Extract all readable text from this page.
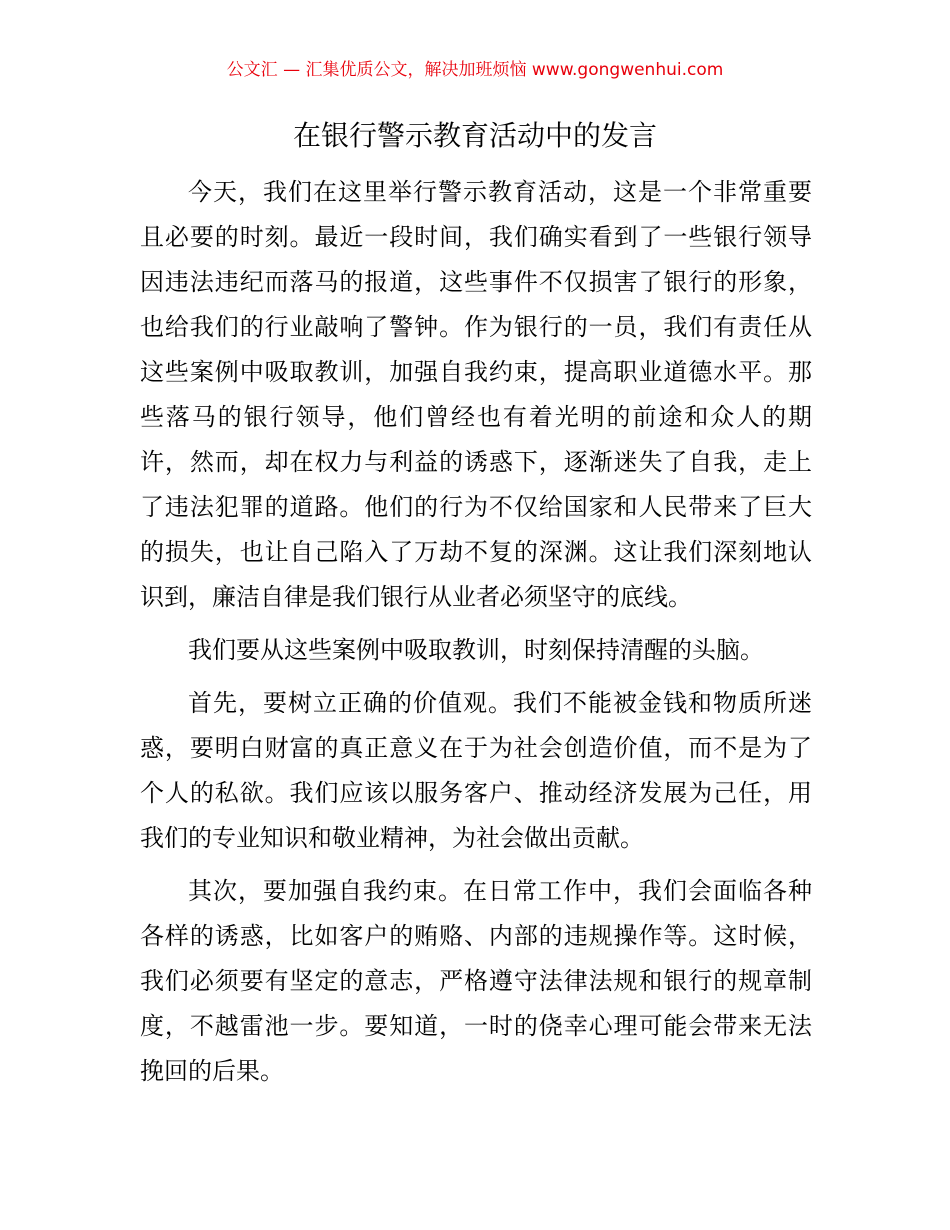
公文汇 — 汇集优质公文，解决加班烦恼 www.gongwenhui.com
在银行警示教育活动中的发言
今天，我们在这里举行警示教育活动，这是一个非常重要
且必要的时刻。最近一段时间，我们确实看到了一些银行领导
因违法违纪而落马的报道，这些事件不仅损害了银行的形象，
也给我们的行业敲响了警钟。作为银行的一员，我们有责任从
这些案例中吸取教训，加强自我约束，提高职业道德水平。那
些落马的银行领导，他们曾经也有着光明的前途和众人的期
许，然而，却在权力与利益的诱惑下，逐渐迷失了自我，走上
了违法犯罪的道路。他们的行为不仅给国家和人民带来了巨大
的损失，也让自己陷入了万劫不复的深渊。这让我们深刻地认
识到，廉洁自律是我们银行从业者必须坚守的底线。
我们要从这些案例中吸取教训，时刻保持清醒的头脑。
首先，要树立正确的价值观。我们不能被金钱和物质所迷
惑，要明白财富的真正意义在于为社会创造价值，而不是为了
个人的私欲。我们应该以服务客户、推动经济发展为己任，用
我们的专业知识和敬业精神，为社会做出贡献。
其次，要加强自我约束。在日常工作中，我们会面临各种
各样的诱惑，比如客户的贿赂、内部的违规操作等。这时候，
我们必须要有坚定的意志，严格遵守法律法规和银行的规章制
度，不越雷池一步。要知道，一时的侥幸心理可能会带来无法
挽回的后果。
